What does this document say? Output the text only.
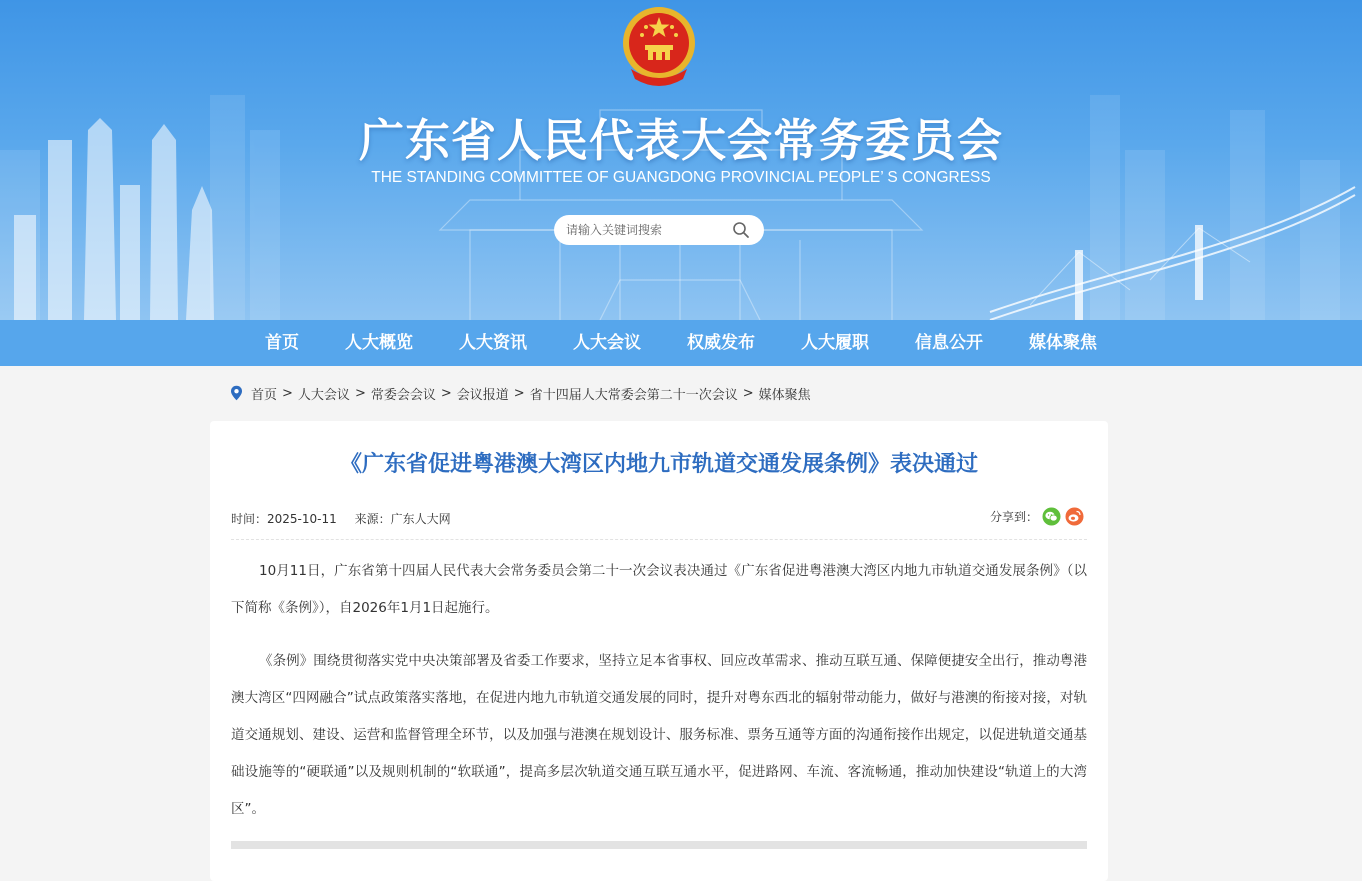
广东省人民代表大会常务委员会
THE STANDING COMMITTEE OF GUANGDONG PROVINCIAL PEOPLE’ S CONGRESS
请输入关键词搜索
首页	人大概览	人大资讯	人大会议	权威发布	人大履职	信息公开	媒体聚焦
首页 > 人大会议 > 常委会会议 > 会议报道 > 省十四届人大常委会第二十一次会议 > 媒体聚焦
《广东省促进粤港澳大湾区内地九市轨道交通发展条例》表决通过
时间：2025-10-11 来源：广东人大网	分享到：

10月11日，广东省第十四届人民代表大会常务委员会第二十一次会议表决通过《广东省促进粤港澳大湾区内地九市轨道交通发展条例》（以下简称《条例》），自2026年1月1日起施行。

《条例》围绕贯彻落实党中央决策部署及省委工作要求，坚持立足本省事权、回应改革需求、推动互联互通、保障便捷安全出行，推动粤港澳大湾区“四网融合”试点政策落实落地，在促进内地九市轨道交通发展的同时，提升对粤东西北的辐射带动能力，做好与港澳的衔接对接，对轨道交通规划、建设、运营和监督管理全环节，以及加强与港澳在规划设计、服务标准、票务互通等方面的沟通衔接作出规定，以促进轨道交通基础设施等的“硬联通”以及规则机制的“软联通”，提高多层次轨道交通互联互通水平，促进路网、车流、客流畅通，推动加快建设“轨道上的大湾区”。
